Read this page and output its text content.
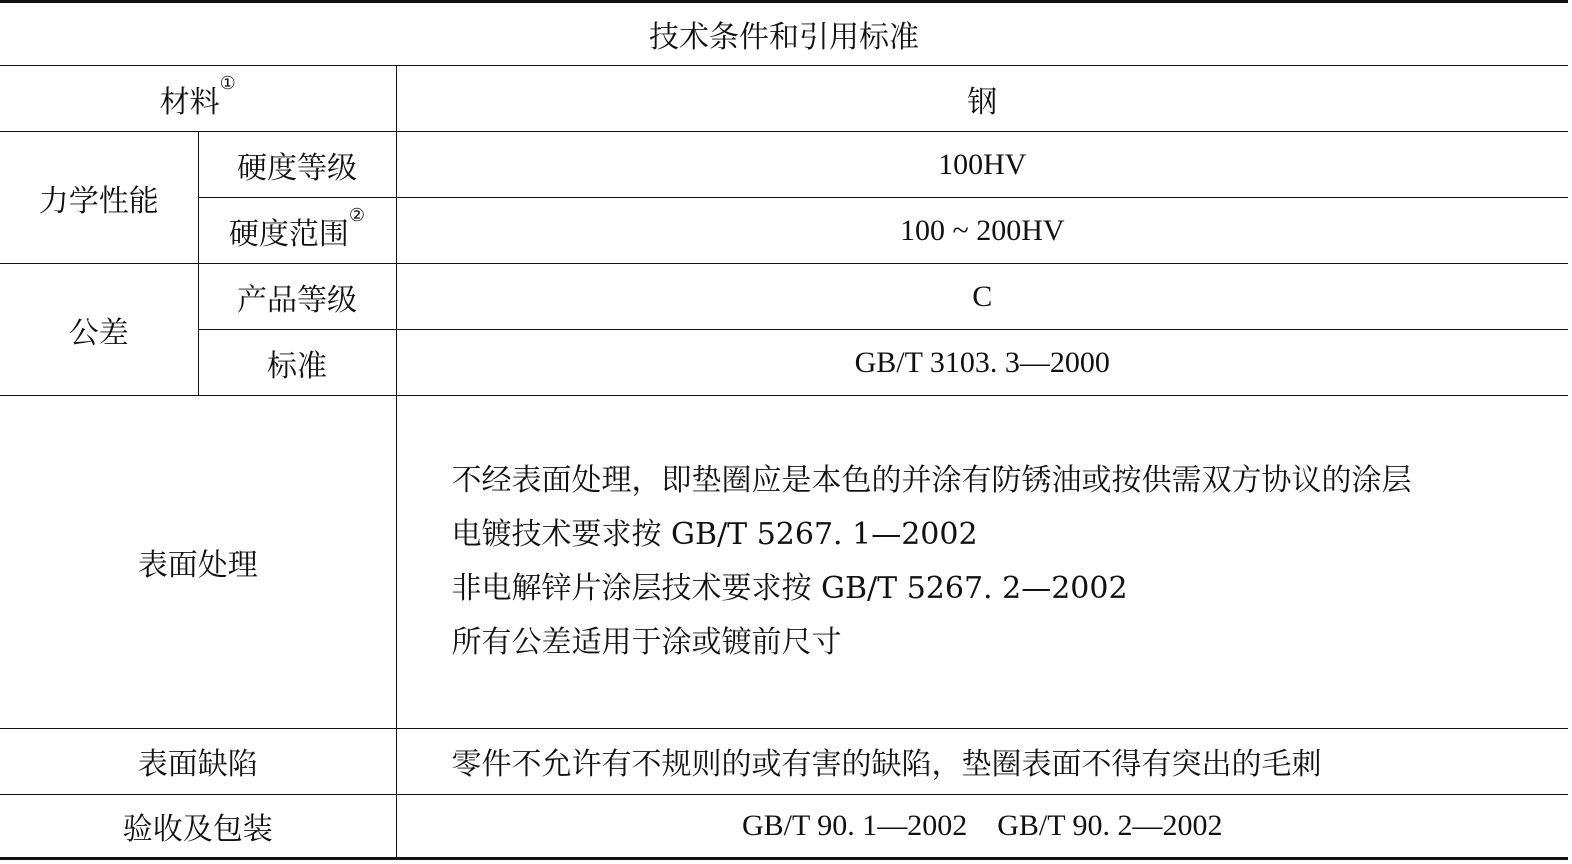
技术条件和引用标准		
材料①		钢
力学性能	硬度等级	100HV
	硬度范围②	100 ~ 200HV
公差	产品等级	C
	标准	GB/T 3103. 3—2000
表面处理		不经表面处理，即垫圈应是本色的并涂有防锈油或按供需双方协议的涂层
电镀技术要求按 GB/T 5267. 1—2002
非电解锌片涂层技术要求按 GB/T 5267. 2—2002
所有公差适用于涂或镀前尺寸

表面缺陷		零件不允许有不规则的或有害的缺陷，垫圈表面不得有突出的毛刺
验收及包装		GB/T 90. 1—2002    GB/T 90. 2—2002
